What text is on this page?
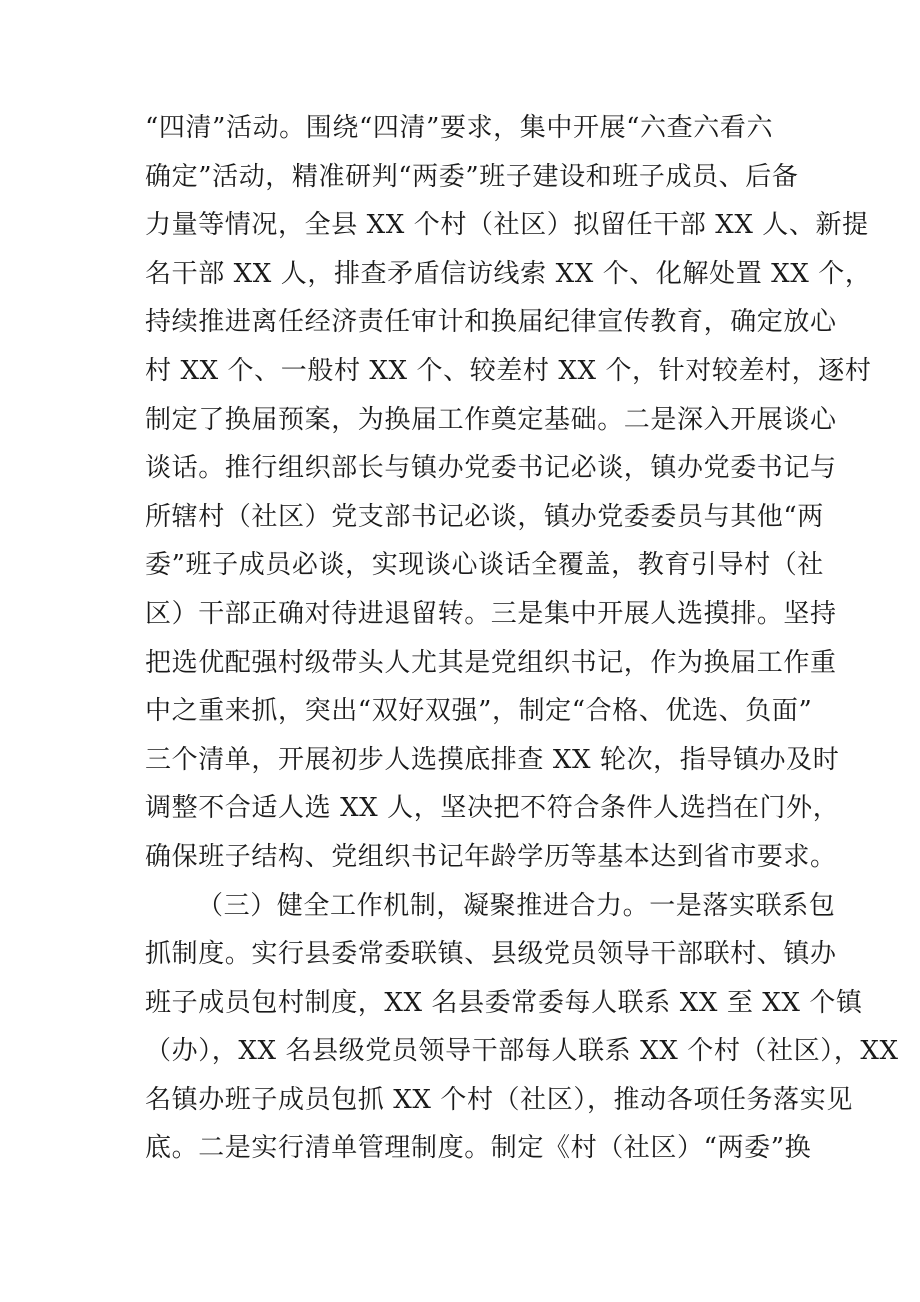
“四清”活动。围绕“四清”要求，集中开展“六查六看六
确定”活动，精准研判“两委”班子建设和班子成员、后备
力量等情况，全县 XX 个村（社区）拟留任干部 XX 人、新提
名干部 XX 人，排查矛盾信访线索 XX 个、化解处置 XX 个，
持续推进离任经济责任审计和换届纪律宣传教育，确定放心
村 XX 个、一般村 XX 个、较差村 XX 个，针对较差村，逐村
制定了换届预案，为换届工作奠定基础。二是深入开展谈心
谈话。推行组织部长与镇办党委书记必谈，镇办党委书记与
所辖村（社区）党支部书记必谈，镇办党委委员与其他“两
委”班子成员必谈，实现谈心谈话全覆盖，教育引导村（社
区）干部正确对待进退留转。三是集中开展人选摸排。坚持
把选优配强村级带头人尤其是党组织书记，作为换届工作重
中之重来抓，突出“双好双强”，制定“合格、优选、负面”
三个清单，开展初步人选摸底排查 XX 轮次，指导镇办及时
调整不合适人选 XX 人，坚决把不符合条件人选挡在门外，
确保班子结构、党组织书记年龄学历等基本达到省市要求。
（三）健全工作机制，凝聚推进合力。一是落实联系包
抓制度。实行县委常委联镇、县级党员领导干部联村、镇办
班子成员包村制度，XX 名县委常委每人联系 XX 至 XX 个镇
（办），XX 名县级党员领导干部每人联系 XX 个村（社区），XX
名镇办班子成员包抓 XX 个村（社区），推动各项任务落实见
底。二是实行清单管理制度。制定《村（社区）“两委”换
